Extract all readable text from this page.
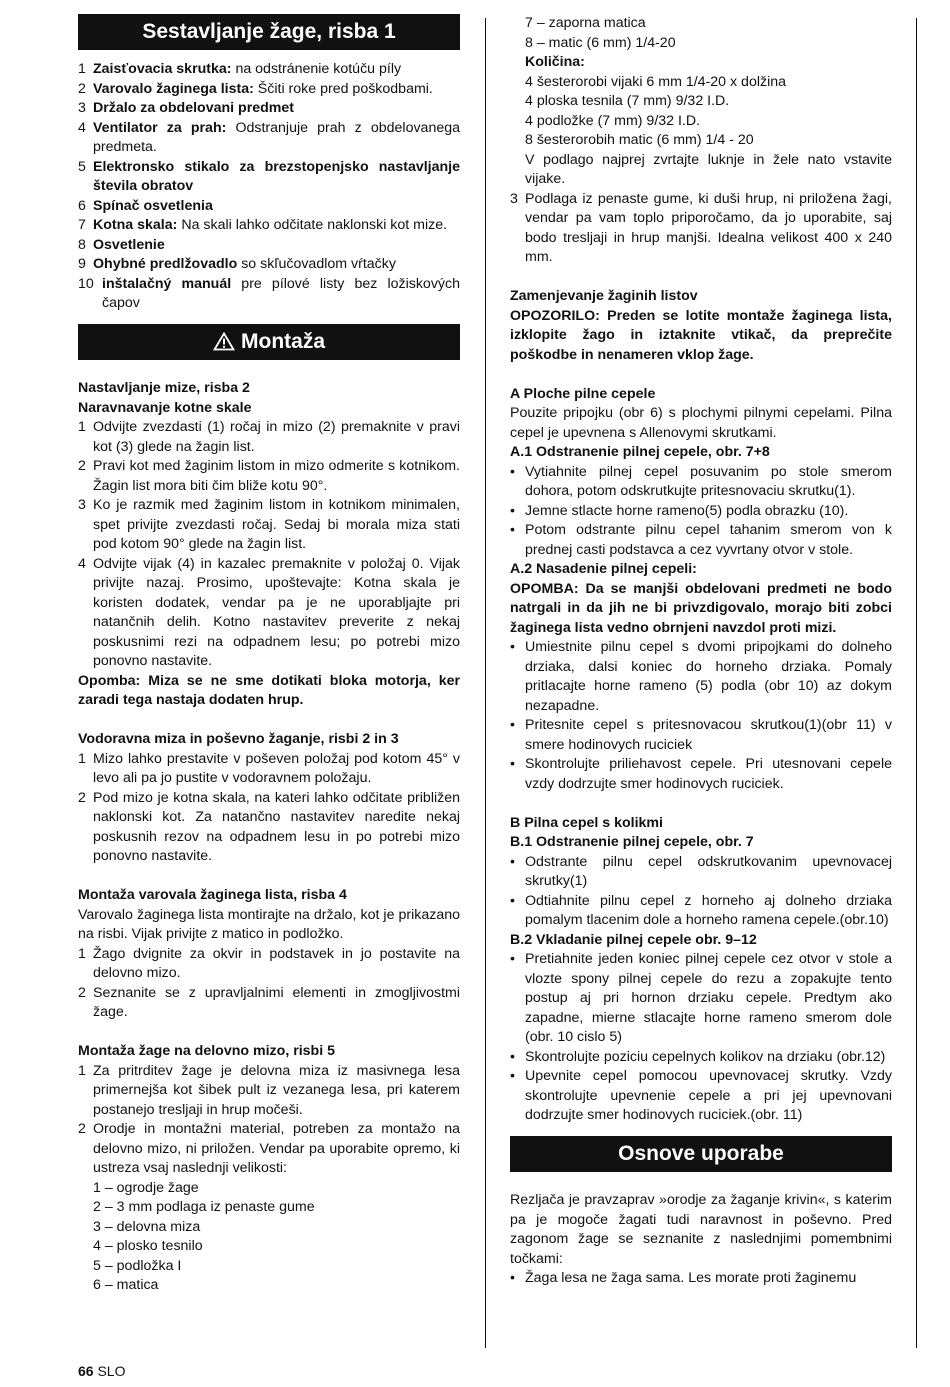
Sestavljanje žage, risba 1
1 Zaisťovacia skrutka: na odstránenie kotúču píly
2 Varovalo žaginega lista: Ščiti roke pred poškodbami.
3 Držalo za obdelovani predmet
4 Ventilator za prah: Odstranjuje prah z obdelovanega predmeta.
5 Elektronsko stikalo za brezstopenjsko nastavljanje števila obratov
6 Spínač osvetlenia
7 Kotna skala: Na skali lahko odčitate naklonski kot mize.
8 Osvetlenie
9 Ohybné predlžovadlo so skľučovadlom vŕtačky
10 inštalačný manuál pre pílové listy bez ložiskových čapov
Montaža

Nastavljanje mize, risba 2

Naravnavanje kotne skale

1 Odvijte zvezdasti (1) ročaj in mizo (2) premaknite v pravi kot (3) glede na žagin list.
2 Pravi kot med žaginim listom in mizo odmerite s kotnikom. Žagin list mora biti čim bliže kotu 90°.
3 Ko je razmik med žaginim listom in kotnikom minimalen, spet privijte zvezdasti ročaj. Sedaj bi morala miza stati pod kotom 90° glede na žagin list.
4 Odvijte vijak (4) in kazalec premaknite v položaj 0. Vijak privijte nazaj. Prosimo, upoštevajte: Kotna skala je koristen dodatek, vendar pa je ne uporabljajte pri natančnih delih. Kotno nastavitev preverite z nekaj poskusnimi rezi na odpadnem lesu; po potrebi mizo ponovno nastavite.

Opomba: Miza se ne sme dotikati bloka motorja, ker zaradi tega nastaja dodaten hrup.

Vodoravna miza in poševno žaganje, risbi 2 in 3

1 Mizo lahko prestavite v poševen položaj pod kotom 45° v levo ali pa jo pustite v vodoravnem položaju.
2 Pod mizo je kotna skala, na kateri lahko odčitate približen naklonski kot. Za natančno nastavitev naredite nekaj poskusnih rezov na odpadnem lesu in po potrebi mizo ponovno nastavite.

Montaža varovala žaginega lista, risba 4

Varovalo žaginega lista montirajte na držalo, kot je prikazano na risbi. Vijak privijte z matico in podložko.

1 Žago dvignite za okvir in podstavek in jo postavite na delovno mizo.
2 Seznanite se z upravljalnimi elementi in zmogljivostmi žage.

Montaža žage na delovno mizo, risbi 5

1 Za pritrditev žage je delovna miza iz masivnega lesa primernejša kot šibek pult iz vezanega lesa, pri katerem postanejo tresljaji in hrup močeši.
2 Orodje in montažni material, potreben za montažo na delovno mizo, ni priložen. Vendar pa uporabite opremo, ki ustreza vsaj naslednji velikosti:

1 – ogrodje žage

2 – 3 mm podlaga iz penaste gume

3 – delovna miza

4 – plosko tesnilo

5 – podložka I

6 – matica

7 – zaporna matica

8 – matic (6 mm) 1/4-20

Količina:

4 šesterorobi vijaki 6 mm 1/4-20 x dolžina

4 ploska tesnila (7 mm) 9/32 I.D.

4 podložke (7 mm) 9/32 I.D.

8 šesterorobih matic (6 mm) 1/4 - 20

V podlago najprej zvrtajte luknje in žele nato vstavite vijake.

3 Podlaga iz penaste gume, ki duši hrup, ni priložena žagi, vendar pa vam toplo priporočamo, da jo uporabite, saj bodo tresljaji in hrup manjši. Idealna velikost 400 x 240 mm.

Zamenjevanje žaginih listov

OPOZORILO: Preden se lotite montaže žaginega lista, izklopite žago in iztaknite vtikač, da preprečite poškodbe in nenameren vklop žage.

A Ploche pilne cepele

Pouzite pripojku (obr 6) s plochymi pilnymi cepelami. Pilna cepel je upevnena s Allenovymi skrutkami.

A.1 Odstranenie pilnej cepele, obr. 7+8

• Vytiahnite pilnej cepel posuvanim po stole smerom dohora, potom odskrutkujte pritesnovaciu skrutku(1).
• Jemne stlacte horne rameno(5) podla obrazku (10).
• Potom odstrante pilnu cepel tahanim smerom von k prednej casti podstavca a cez vyvrtany otvor v stole.

A.2 Nasadenie pilnej cepeli:

OPOMBA: Da se manjši obdelovani predmeti ne bodo natrgali in da jih ne bi privzdigovalo, morajo biti zobci žaginega lista vedno obrnjeni navzdol proti mizi.

• Umiestnite pilnu cepel s dvomi pripojkami do dolneho drziaka, dalsi koniec do horneho drziaka. Pomaly pritlacajte horne rameno (5) podla (obr 10) az dokym nezapadne.
• Pritesnite cepel s pritesnovacou skrutkou(1)(obr 11) v smere hodinovych ruciciek
• Skontrolujte priliehavost cepele. Pri utesnovani cepele vzdy dodrzujte smer hodinovych ruciciek.

B Pilna cepel s kolikmi

B.1 Odstranenie pilnej cepele, obr. 7

• Odstrante pilnu cepel odskrutkovanim upevnovacej skrutky(1)
• Odtiahnite pilnu cepel z horneho aj dolneho drziaka pomalym tlacenim dole a horneho ramena cepele.(obr.10)

B.2 Vkladanie pilnej cepele obr. 9–12

• Pretiahnite jeden koniec pilnej cepele cez otvor v stole a vlozte spony pilnej cepele do rezu a zopakujte tento postup aj pri hornon drziaku cepele. Predtym ako zapadne, mierne stlacajte horne rameno smerom dole (obr. 10 cislo 5)
• Skontrolujte poziciu cepelnych kolikov na drziaku (obr.12)
• Upevnite cepel pomocou upevnovacej skrutky. Vzdy skontrolujte upevnenie cepele a pri jej upevnovani dodrzujte smer hodinovych ruciciek.(obr. 11)
Osnove uporabe

Rezljača je pravzaprav »orodje za žaganje krivin«, s katerim pa je mogoče žagati tudi naravnost in poševno. Pred zagonom žage se seznanite z naslednjimi pomembnimi točkami:

• Žaga lesa ne žaga sama. Les morate proti žaginemu
66 SLO
